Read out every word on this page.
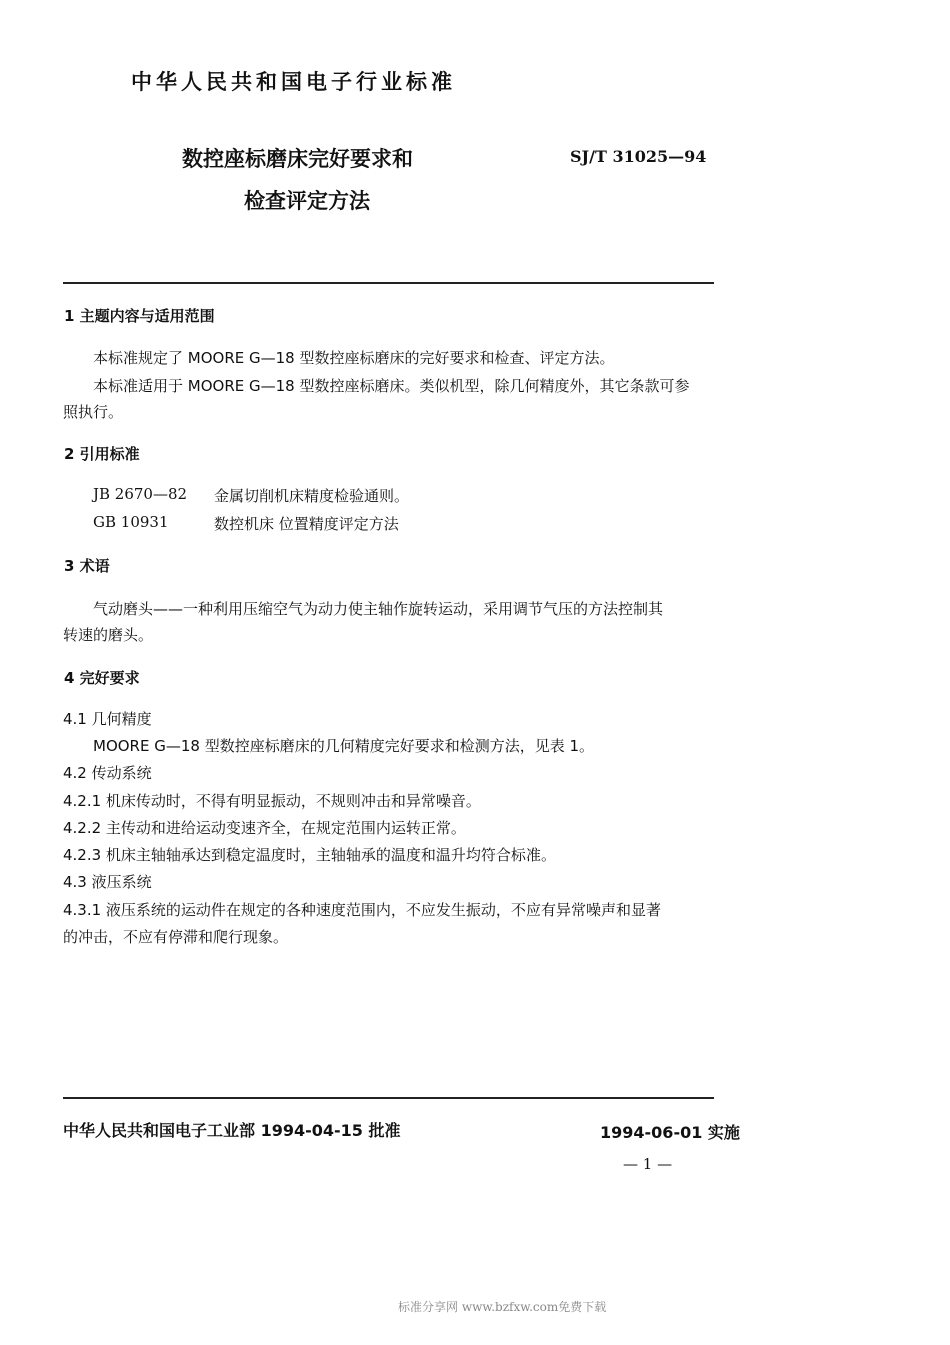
中华人民共和国电子行业标准
数控座标磨床完好要求和
检查评定方法
SJ/T 31025—94
1 主题内容与适用范围
本标准规定了 MOORE G—18 型数控座标磨床的完好要求和检查、评定方法。
本标准适用于 MOORE G—18 型数控座标磨床。类似机型，除几何精度外，其它条款可参
照执行。
2 引用标准
JB 2670—82 金属切削机床精度检验通则。
GB 10931	数控机床 位置精度评定方法
3 术语
气动磨头——一种利用压缩空气为动力使主轴作旋转运动，采用调节气压的方法控制其
转速的磨头。
4 完好要求
4.1 几何精度
MOORE G—18 型数控座标磨床的几何精度完好要求和检测方法，见表 1。
4.2 传动系统
4.2.1 机床传动时，不得有明显振动，不规则冲击和异常噪音。
4.2.2 主传动和进给运动变速齐全，在规定范围内运转正常。
4.2.3 机床主轴轴承达到稳定温度时，主轴轴承的温度和温升均符合标准。
4.3 液压系统
4.3.1 液压系统的运动件在规定的各种速度范围内，不应发生振动，不应有异常噪声和显著
的冲击，不应有停滞和爬行现象。
中华人民共和国电子工业部 1994-04-15 批准	1994-06-01 实施
— 1 —
标准分享网 www.bzfxw.com免费下载
